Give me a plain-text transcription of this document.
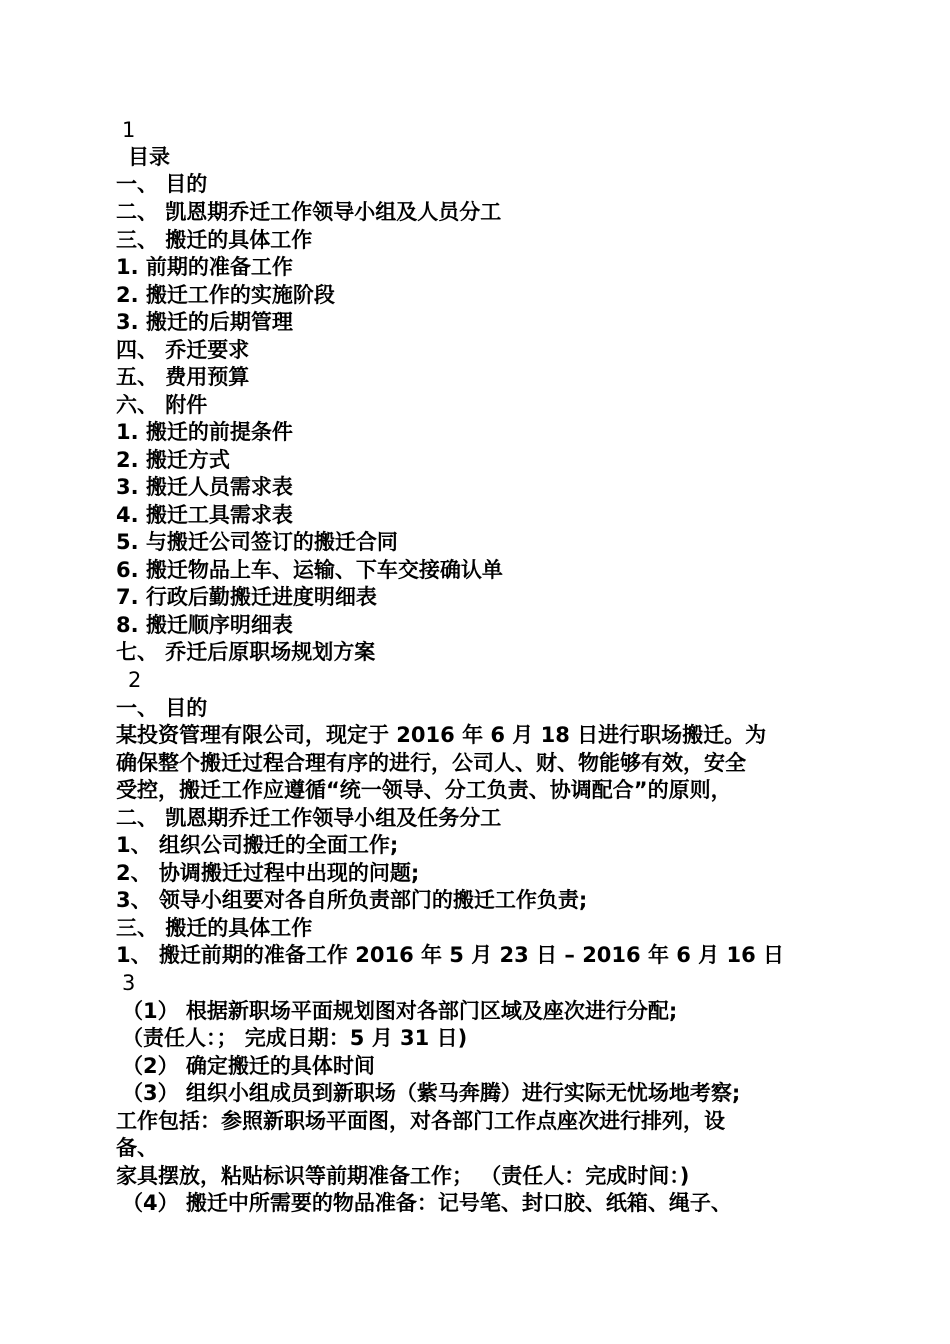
1
目录
一、 目的
二、 凯恩期乔迁工作领导小组及人员分工
三、 搬迁的具体工作
1. 前期的准备工作
2. 搬迁工作的实施阶段
3. 搬迁的后期管理
四、 乔迁要求
五、 费用预算
六、 附件
1. 搬迁的前提条件
2. 搬迁方式
3. 搬迁人员需求表
4. 搬迁工具需求表
5. 与搬迁公司签订的搬迁合同
6. 搬迁物品上车、运输、下车交接确认单
7. 行政后勤搬迁进度明细表
8. 搬迁顺序明细表
七、 乔迁后原职场规划方案
2
一、 目的
某投资管理有限公司，现定于 2016 年 6 月 18 日进行职场搬迁。为
确保整个搬迁过程合理有序的进行，公司人、财、物能够有效，安全
受控，搬迁工作应遵循“统一领导、分工负责、协调配合”的原则，
二、 凯恩期乔迁工作领导小组及任务分工
1、 组织公司搬迁的全面工作;
2、 协调搬迁过程中出现的问题;
3、 领导小组要对各自所负责部门的搬迁工作负责;
三、 搬迁的具体工作
1、 搬迁前期的准备工作 2016 年 5 月 23 日 – 2016 年 6 月 16 日
3
（1） 根据新职场平面规划图对各部门区域及座次进行分配;
（责任人：； 完成日期：5 月 31 日)
（2） 确定搬迁的具体时间
（3） 组织小组成员到新职场（紫马奔腾）进行实际无忧场地考察;
工作包括：参照新职场平面图，对各部门工作点座次进行排列，设
备、
家具摆放，粘贴标识等前期准备工作； （责任人：完成时间：)
（4） 搬迁中所需要的物品准备：记号笔、封口胶、纸箱、绳子、
